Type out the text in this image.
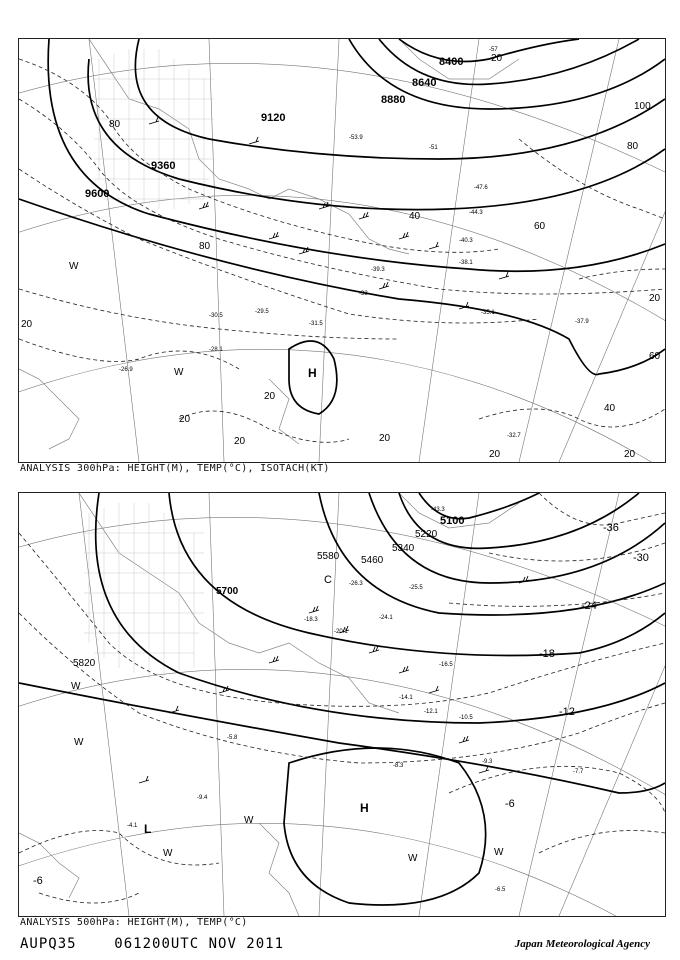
8400
8640
8880
9120
9360
9600
20
100
80
60
40
80
80
20
60
40
20
20
20
20
20
20
20
-57
-53.9
-51
-47.6
-44.3
-40.3
-39.3
-38.1
-35.1
-33
-31.5
-30.5
-29.5
-28.1
-26.9
-37.9
-32.7
H
W
W
ANALYSIS 300hPa: HEIGHT(M), TEMP(°C), ISOTACH(KT)
5100
5220
5340
5460
5580
5700
5820
-36
-30
-24
-18
-12
-6
-6
-43.3
-26.3
-25.5
-24.1
-20.1
-18.3
-16.5
-14.1
-12.1
-10.5
-9.3
-8.3
-7.7
-6.5
-5.8
-4.1
-9.4
H
L
C
W
W
W
W	W
W
ANALYSIS 500hPa: HEIGHT(M), TEMP(°C)
AUPQ35	061200UTC NOV 2011	Japan Meteorological Agency
